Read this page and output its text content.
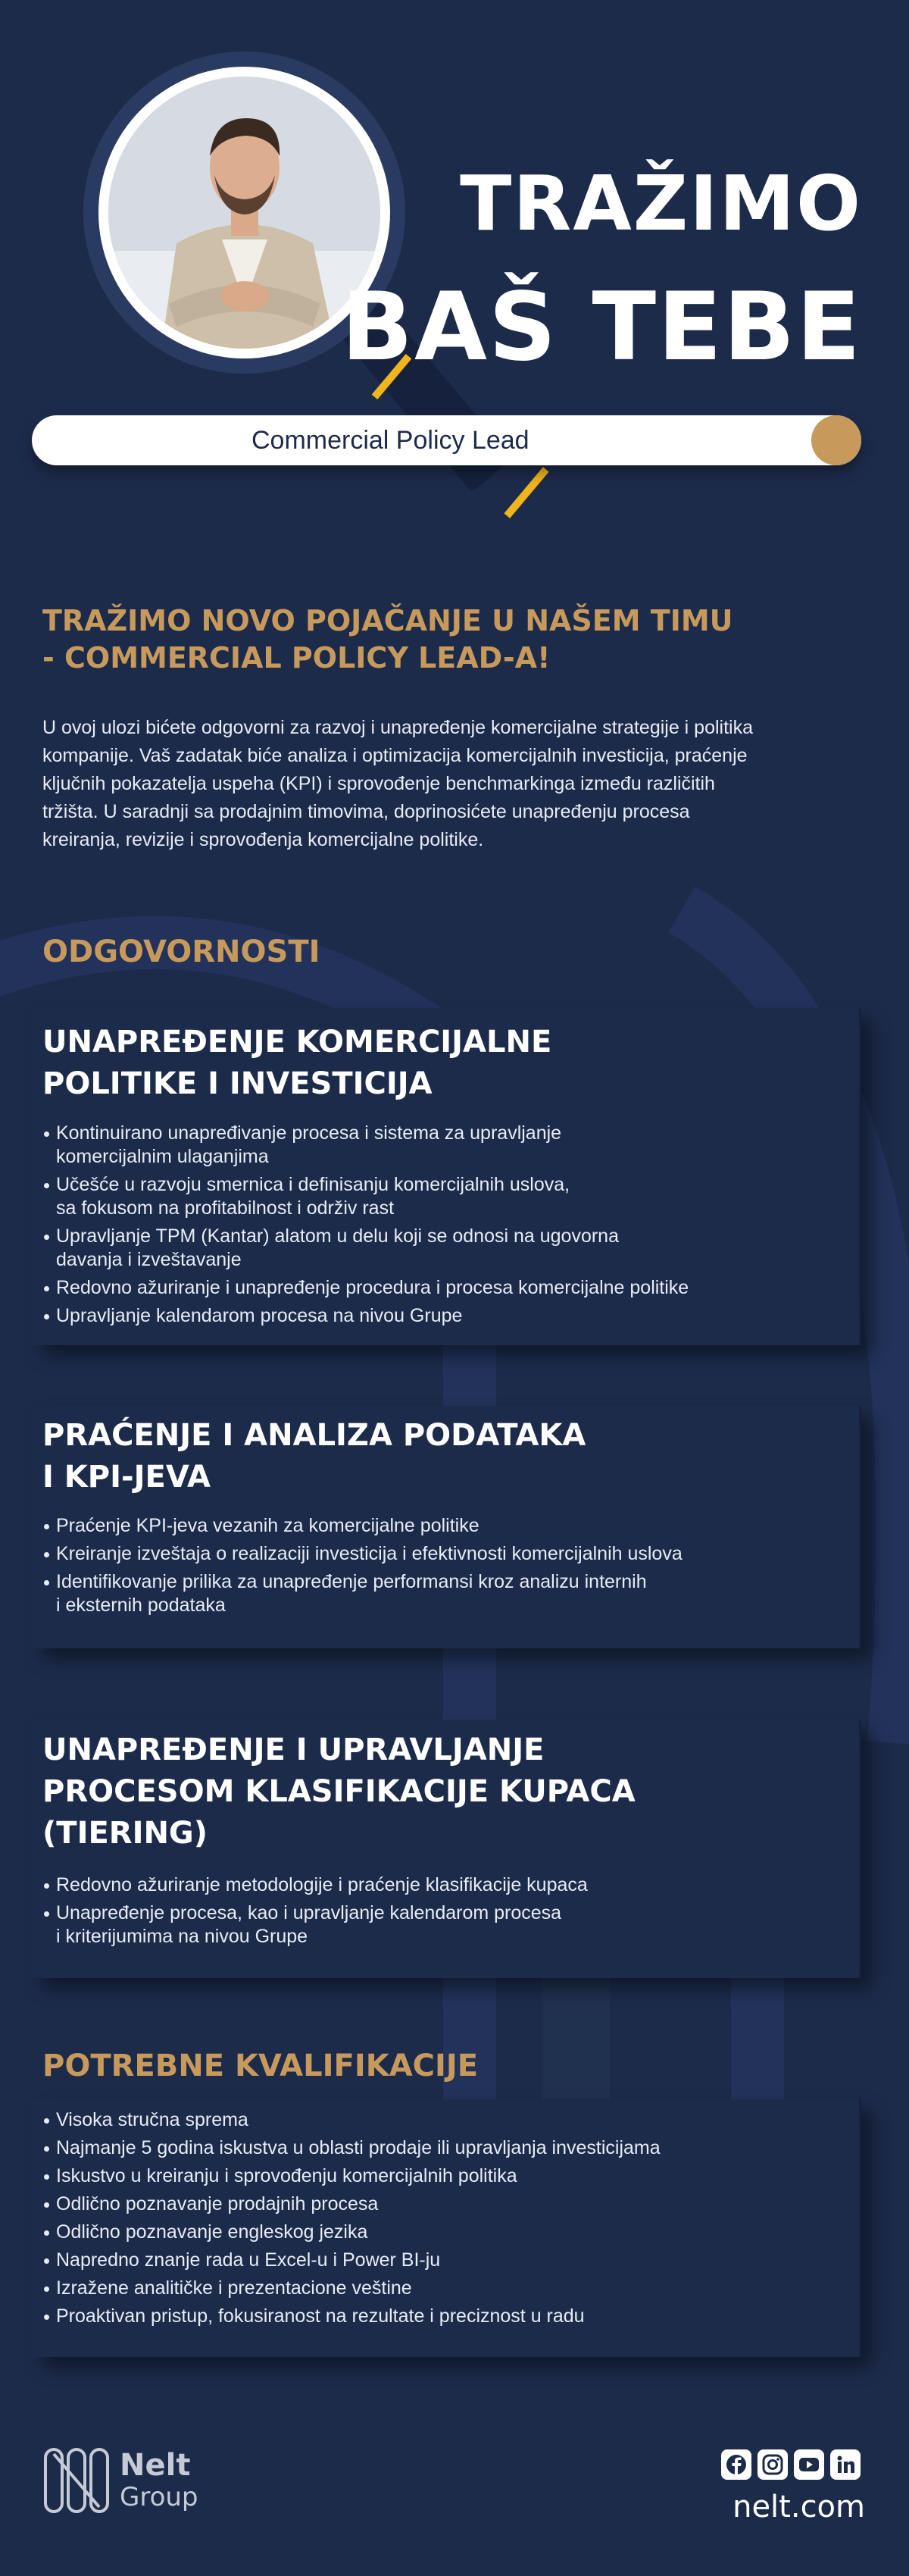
TRAŽIMO
BAŠ TEBE
Commercial Policy Lead
TRAŽIMO NOVO POJAČANJE U NAŠEM TIMU
- COMMERCIAL POLICY LEAD-A!
U ovoj ulozi bićete odgovorni za razvoj i unapređenje komercijalne strategije i politika
kompanije. Vaš zadatak biće analiza i optimizacija komercijalnih investicija, praćenje
ključnih pokazatelja uspeha (KPI) i sprovođenje benchmarkinga između različitih
tržišta. U saradnji sa prodajnim timovima, doprinosićete unapređenju procesa
kreiranja, revizije i sprovođenja komercijalne politike.
ODGOVORNOSTI
UNAPREĐENJE KOMERCIJALNE
POLITIKE I INVESTICIJA
Kontinuirano unapređivanje procesa i sistema za upravljanje
komercijalnim ulaganjima
Učešće u razvoju smernica i definisanju komercijalnih uslova,
sa fokusom na profitabilnost i održiv rast
Upravljanje TPM (Kantar) alatom u delu koji se odnosi na ugovorna
davanja i izveštavanje
Redovno ažuriranje i unapređenje procedura i procesa komercijalne politike
Upravljanje kalendarom procesa na nivou Grupe
PRAĆENJE I ANALIZA PODATAKA
I KPI-JEVA
Praćenje KPI-jeva vezanih za komercijalne politike
Kreiranje izveštaja o realizaciji investicija i efektivnosti komercijalnih uslova
Identifikovanje prilika za unapređenje performansi kroz analizu internih
i eksternih podataka
UNAPREĐENJE I UPRAVLJANJE
PROCESOM KLASIFIKACIJE KUPACA
(TIERING)
Redovno ažuriranje metodologije i praćenje klasifikacije kupaca
Unapređenje procesa, kao i upravljanje kalendarom procesa
i kriterijumima na nivou Grupe
POTREBNE KVALIFIKACIJE
Visoka stručna sprema
Najmanje 5 godina iskustva u oblasti prodaje ili upravljanja investicijama
Iskustvo u kreiranju i sprovođenju komercijalnih politika
Odlično poznavanje prodajnih procesa
Odlično poznavanje engleskog jezika
Napredno znanje rada u Excel-u i Power BI-ju
Izražene analitičke i prezentacione veštine
Proaktivan pristup, fokusiranost na rezultate i preciznost u radu
Nelt
Group	nelt.com
